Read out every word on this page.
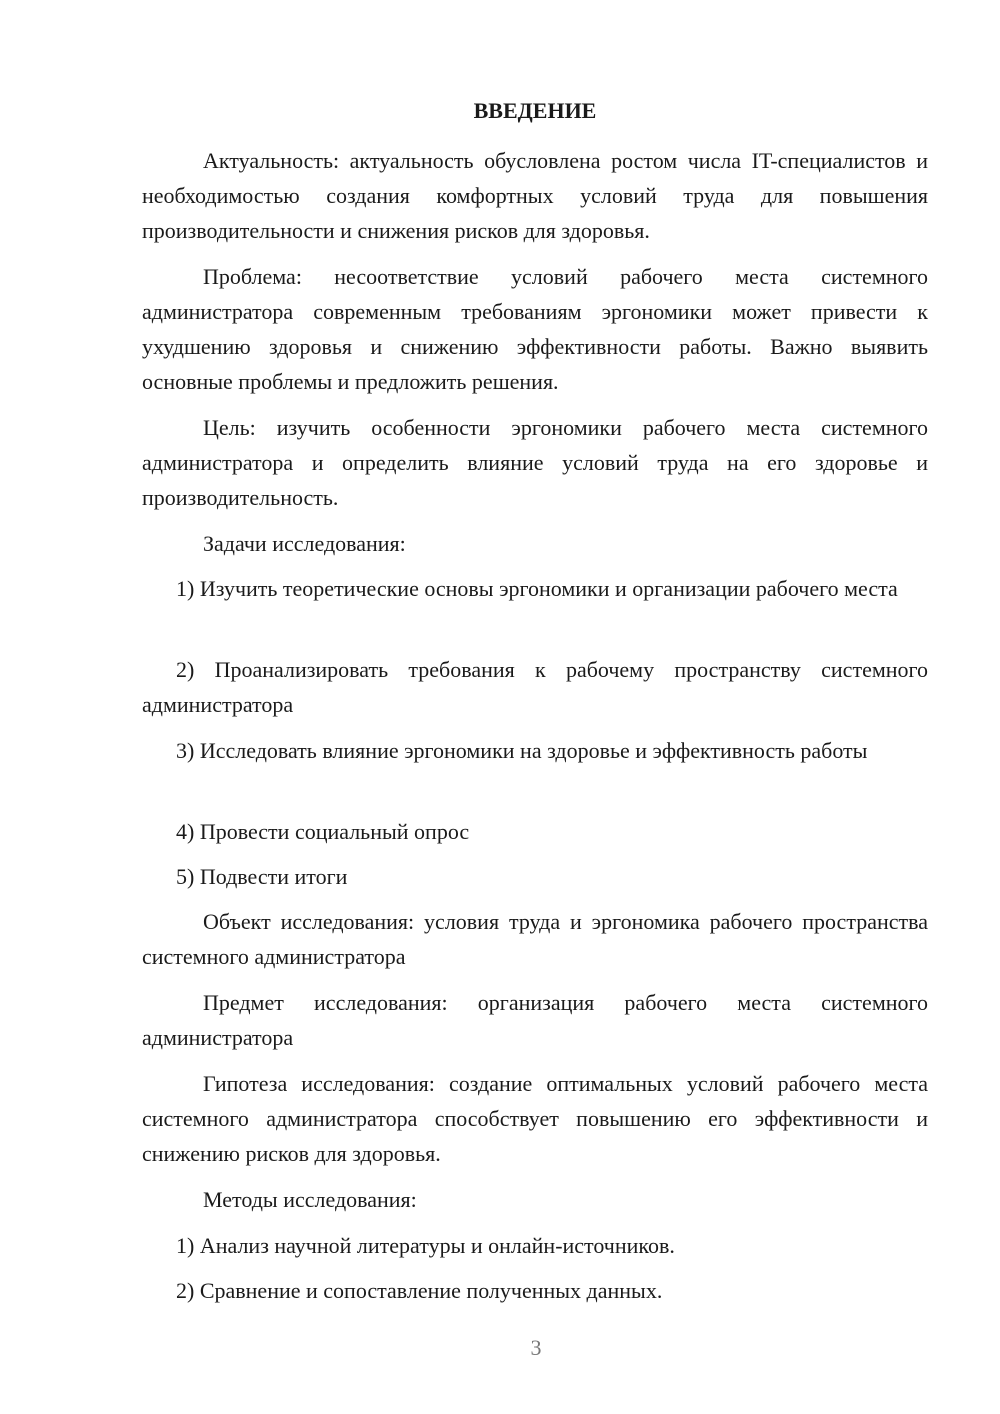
ВВЕДЕНИЕ
Актуальность: актуальность обусловлена ростом числа IT-специалистов и необходимостью создания комфортных условий труда для повышения производительности и снижения рисков для здоровья.
Проблема: несоответствие условий рабочего места системного администратора современным требованиям эргономики может привести к ухудшению здоровья и снижению эффективности работы. Важно выявить основные проблемы и предложить решения.
Цель: изучить особенности эргономики рабочего места системного администратора и определить влияние условий труда на его здоровье и производительность.
Задачи исследования:
1) Изучить теоретические основы эргономики и организации рабочего места
2) Проанализировать требования к рабочему пространству системного администратора
3) Исследовать влияние эргономики на здоровье и эффективность работы
4) Провести социальный опрос
5) Подвести итоги
Объект исследования: условия труда и эргономика рабочего пространства системного администратора
Предмет исследования: организация рабочего места системного администратора
Гипотеза исследования: создание оптимальных условий рабочего места системного администратора способствует повышению его эффективности и снижению рисков для здоровья.
Методы исследования:
1) Анализ научной литературы и онлайн-источников.
2) Сравнение и сопоставление полученных данных.
3
